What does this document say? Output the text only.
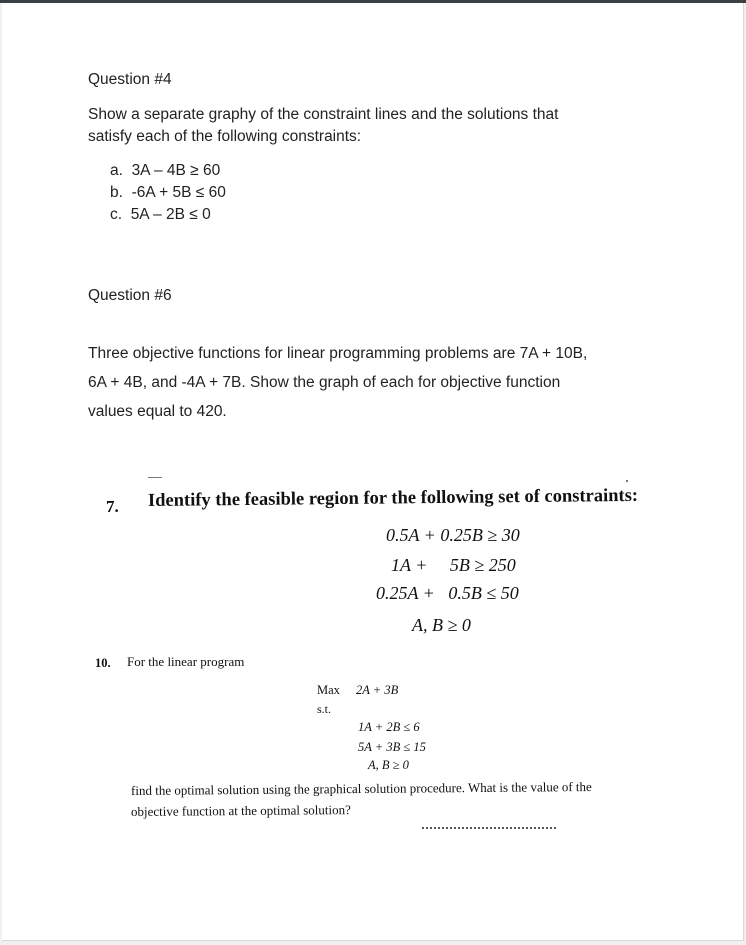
Question #4
Show a separate graphy of the constraint lines and the solutions that
satisfy each of the following constraints:
a. 3A – 4B ≥ 60
b. -6A + 5B ≤ 60
c. 5A – 2B ≤ 0
Question #6
Three objective functions for linear programming problems are 7A + 10B,
6A + 4B, and -4A + 7B. Show the graph of each for objective function
values equal to 420.
7. Identify the feasible region for the following set of constraints:
0.5A + 0.25B ≥ 30
1A +     5B ≥ 250
0.25A +   0.5B ≤ 50
A, B ≥ 0
10. For the linear program
Max 2A + 3B
s.t.
1A + 2B ≤ 6
5A + 3B ≤ 15
A, B ≥ 0
find the optimal solution using the graphical solution procedure. What is the value of the
objective function at the optimal solution?
